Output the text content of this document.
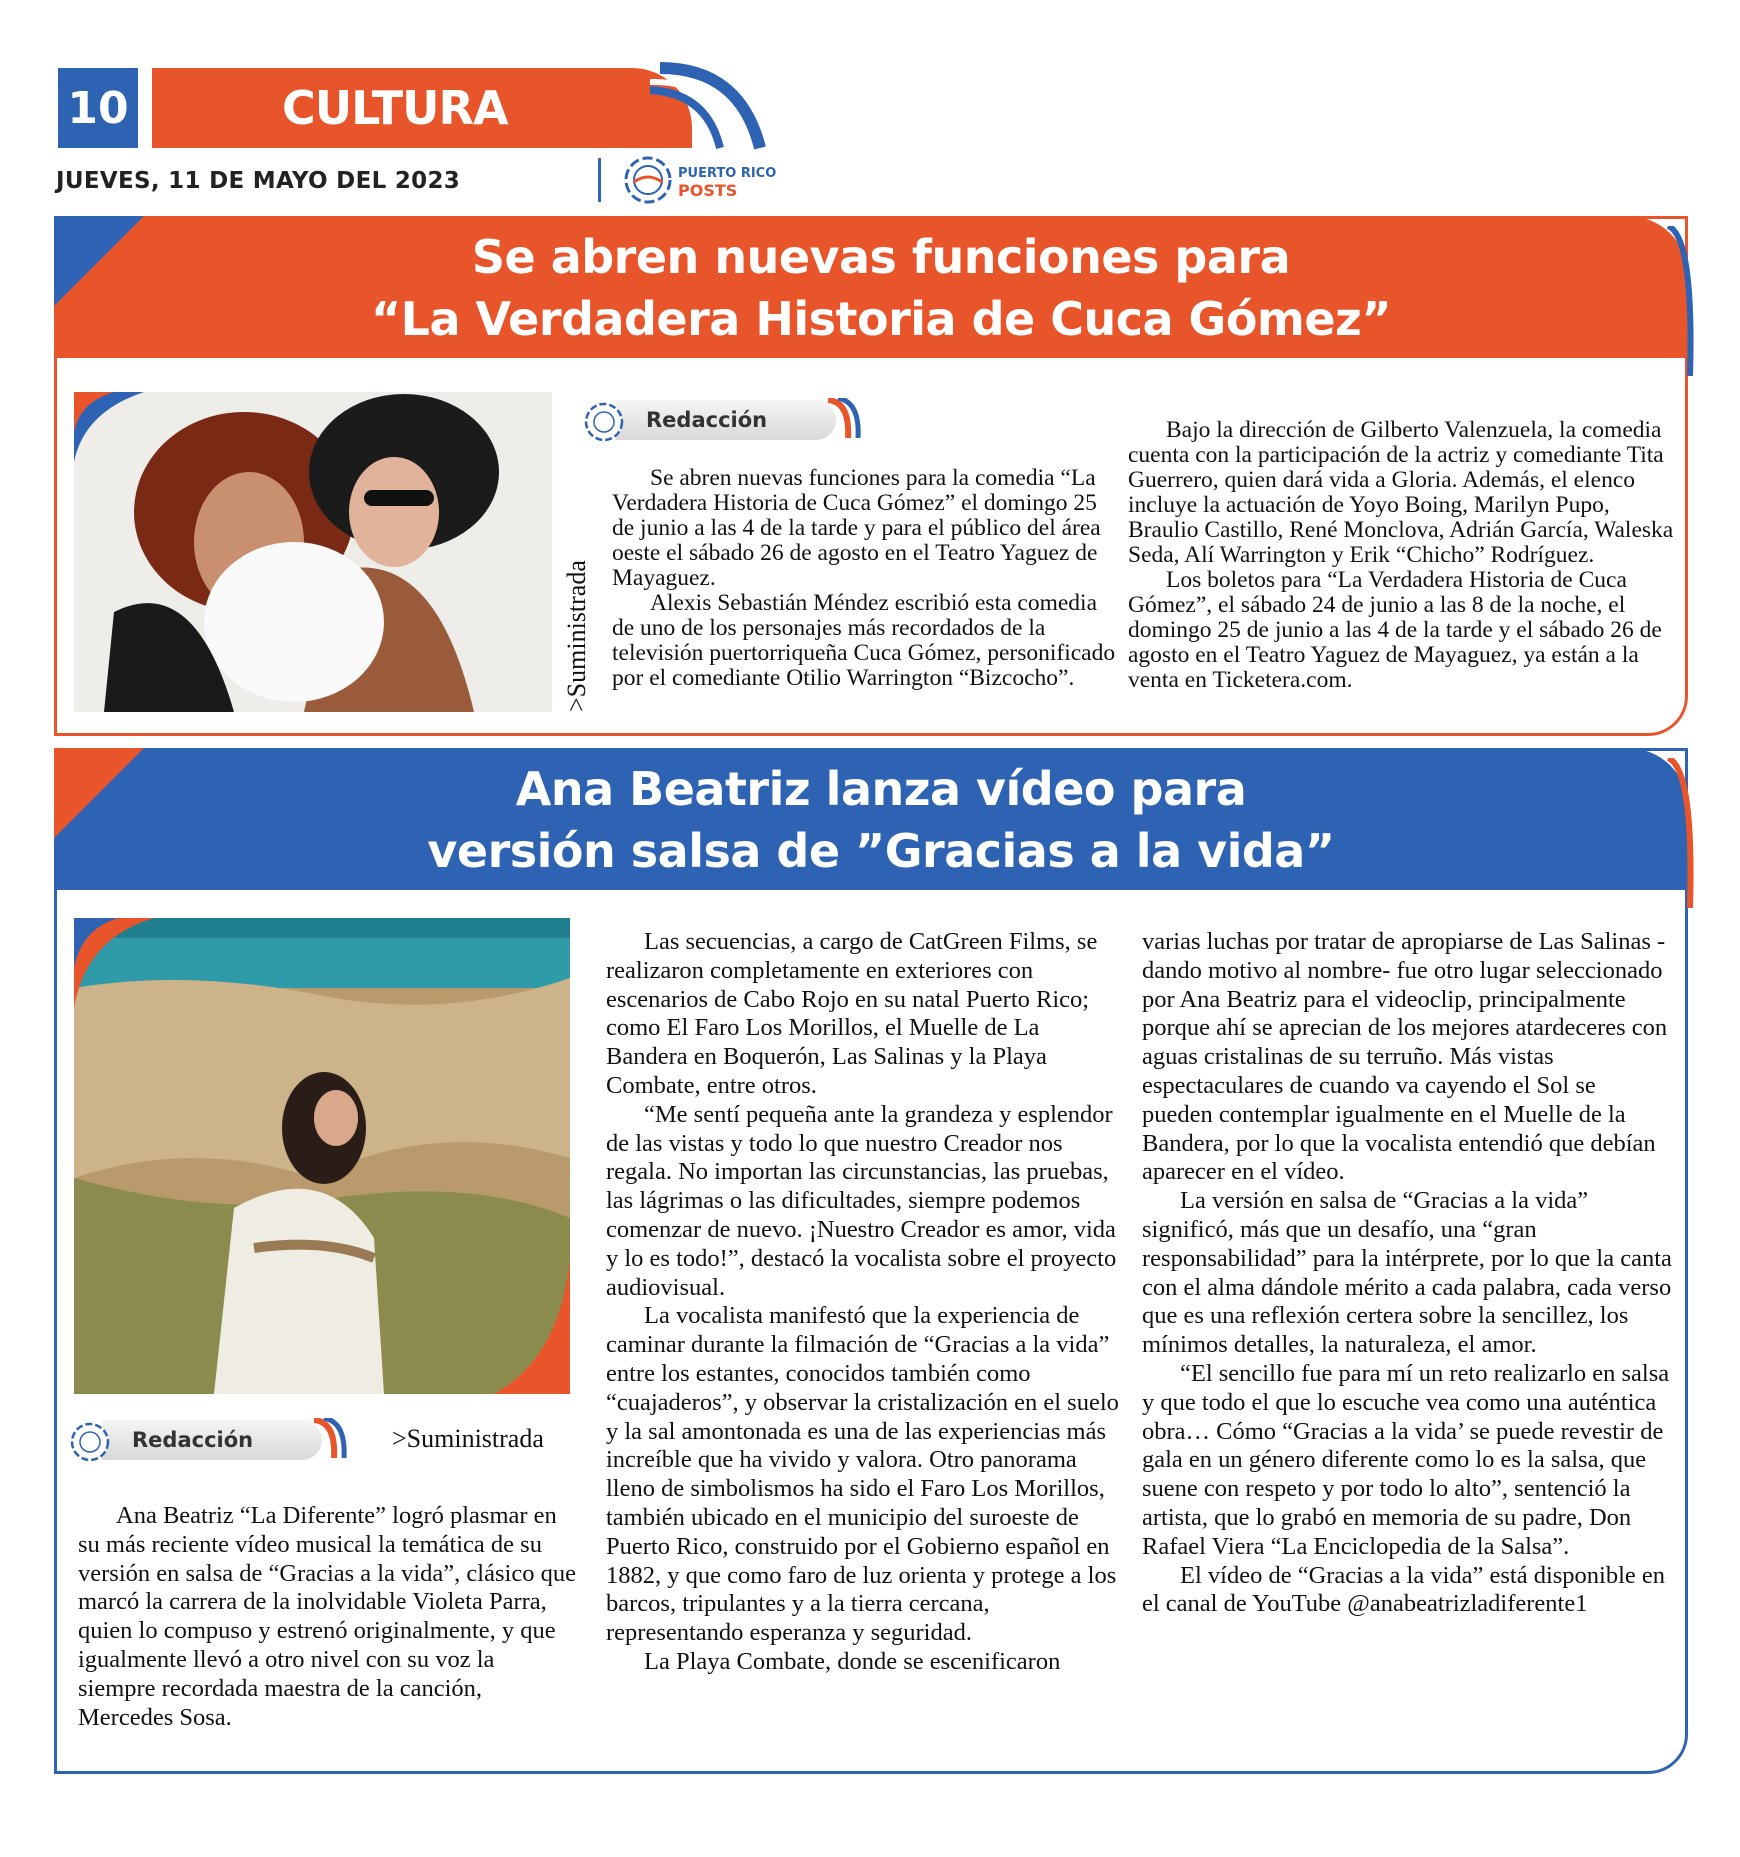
10	CULTURA
JUEVES, 11 DE MAYO DEL 2023	PUERTO RICO
POSTS
Se abren nuevas funciones para
“La Verdadera Historia de Cuca Gómez”
>Suministrada
Redacción

Se abren nuevas funciones para la comedia “La Verdadera Historia de Cuca Gómez” el domingo 25 de junio a las 4 de la tarde y para el público del área oeste el sábado 26 de agosto en el Teatro Yaguez de Mayaguez.

Alexis Sebastián Méndez escribió esta comedia de uno de los personajes más recordados de la televisión puertorriqueña Cuca Gómez, personificado por el comediante Otilio Warrington “Bizcocho”.

Bajo la dirección de Gilberto Valenzuela, la comedia cuenta con la participación de la actriz y comediante Tita Guerrero, quien dará vida a Gloria. Además, el elenco incluye la actuación de Yoyo Boing, Marilyn Pupo, Braulio Castillo, René Monclova, Adrián García, Waleska Seda, Alí Warrington y Erik “Chicho” Rodríguez.

Los boletos para “La Verdadera Historia de Cuca Gómez”, el sábado 24 de junio a las 8 de la noche, el domingo 25 de junio a las 4 de la tarde y el sábado 26 de agosto en el Teatro Yaguez de Mayaguez, ya están a la venta en Ticketera.com.

Ana Beatriz lanza vídeo para
versión salsa de ”Gracias a la vida”
Redacción	>Suministrada

Ana Beatriz “La Diferente” logró plasmar en su más reciente vídeo musical la temática de su versión en salsa de “Gracias a la vida”, clásico que marcó la carrera de la inolvidable Violeta Parra, quien lo compuso y estrenó originalmente, y que igualmente llevó a otro nivel con su voz la siempre recordada maestra de la canción, Mercedes Sosa.

Las secuencias, a cargo de CatGreen Films, se realizaron completamente en exteriores con escenarios de Cabo Rojo en su natal Puerto Rico; como El Faro Los Morillos, el Muelle de La Bandera en Boquerón, Las Salinas y la Playa Combate, entre otros.

“Me sentí pequeña ante la grandeza y esplendor de las vistas y todo lo que nuestro Creador nos regala. No importan las circunstancias, las pruebas, las lágrimas o las dificultades, siempre podemos comenzar de nuevo. ¡Nuestro Creador es amor, vida y lo es todo!”, destacó la vocalista sobre el proyecto audiovisual.

La vocalista manifestó que la experiencia de caminar durante la filmación de “Gracias a la vida” entre los estantes, conocidos también como “cuajaderos”, y observar la cristalización en el suelo y la sal amontonada es una de las experiencias más increíble que ha vivido y valora. Otro panorama lleno de simbolismos ha sido el Faro Los Morillos, también ubicado en el municipio del suroeste de Puerto Rico, construido por el Gobierno español en 1882, y que como faro de luz orienta y protege a los barcos, tripulantes y a la tierra cercana, representando esperanza y seguridad.

La Playa Combate, donde se escenificaron

varias luchas por tratar de apropiarse de Las Salinas -dando motivo al nombre- fue otro lugar seleccionado por Ana Beatriz para el videoclip, principalmente porque ahí se aprecian de los mejores atardeceres con aguas cristalinas de su terruño. Más vistas espectaculares de cuando va cayendo el Sol se pueden contemplar igualmente en el Muelle de la Bandera, por lo que la vocalista entendió que debían aparecer en el vídeo.

La versión en salsa de “Gracias a la vida” significó, más que un desafío, una “gran responsabilidad” para la intérprete, por lo que la canta con el alma dándole mérito a cada palabra, cada verso que es una reflexión certera sobre la sencillez, los mínimos detalles, la naturaleza, el amor.

“El sencillo fue para mí un reto realizarlo en salsa y que todo el que lo escuche vea como una auténtica obra… Cómo “Gracias a la vida’ se puede revestir de gala en un género diferente como lo es la salsa, que suene con respeto y por todo lo alto”, sentenció la artista, que lo grabó en memoria de su padre, Don Rafael Viera “La Enciclopedia de la Salsa”.

El vídeo de “Gracias a la vida” está disponible en el canal de YouTube @anabeatrizladiferente1
